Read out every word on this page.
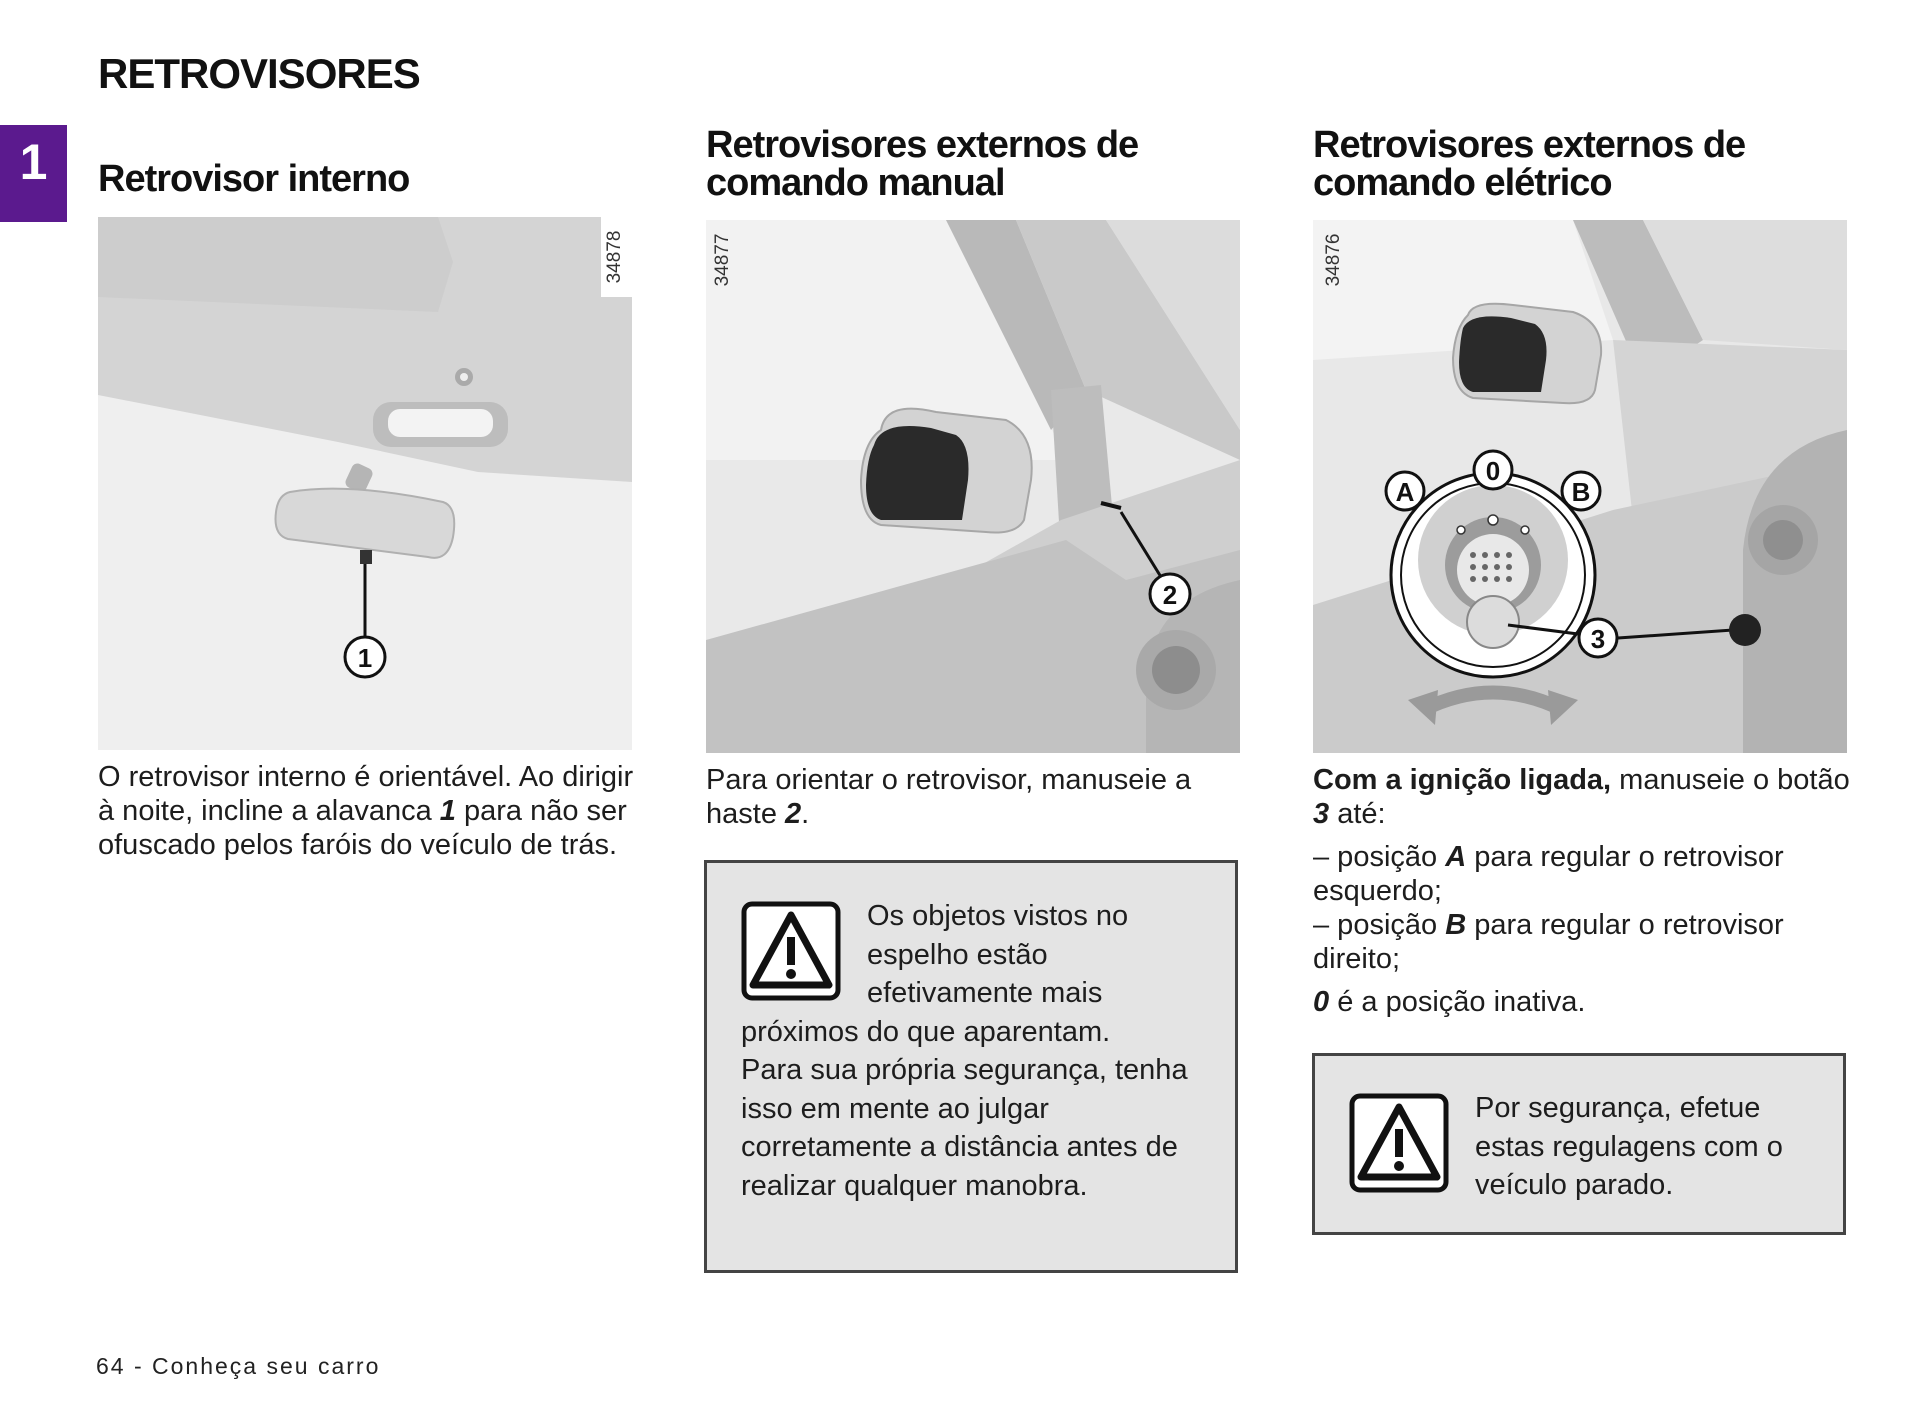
RETROVISORES
1	Retrovisor interno
34878
1

O retrovisor interno é orientável. Ao dirigir à noite, incline a alavanca 1 para não ser ofuscado pelos faróis do veículo de trás.

Retrovisores externos de
comando manual
34877
2

Para orientar o retrovisor, manuseie a haste 2.

Os objetos vistos no espelho estão efetivamente mais próximos do que aparentam.
Para sua própria segurança, tenha isso em mente ao julgar corretamente a distância antes de realizar qualquer manobra.
Retrovisores externos de
comando elétrico
34876
A
0
B
3

Com a ignição ligada, manuseie o botão 3 até:

– posição A para regular o retrovisor esquerdo;

– posição B para regular o retrovisor direito;

0 é a posição inativa.

Por segurança, efetue estas regulagens com o veículo parado.
64 - Conheça seu carro
